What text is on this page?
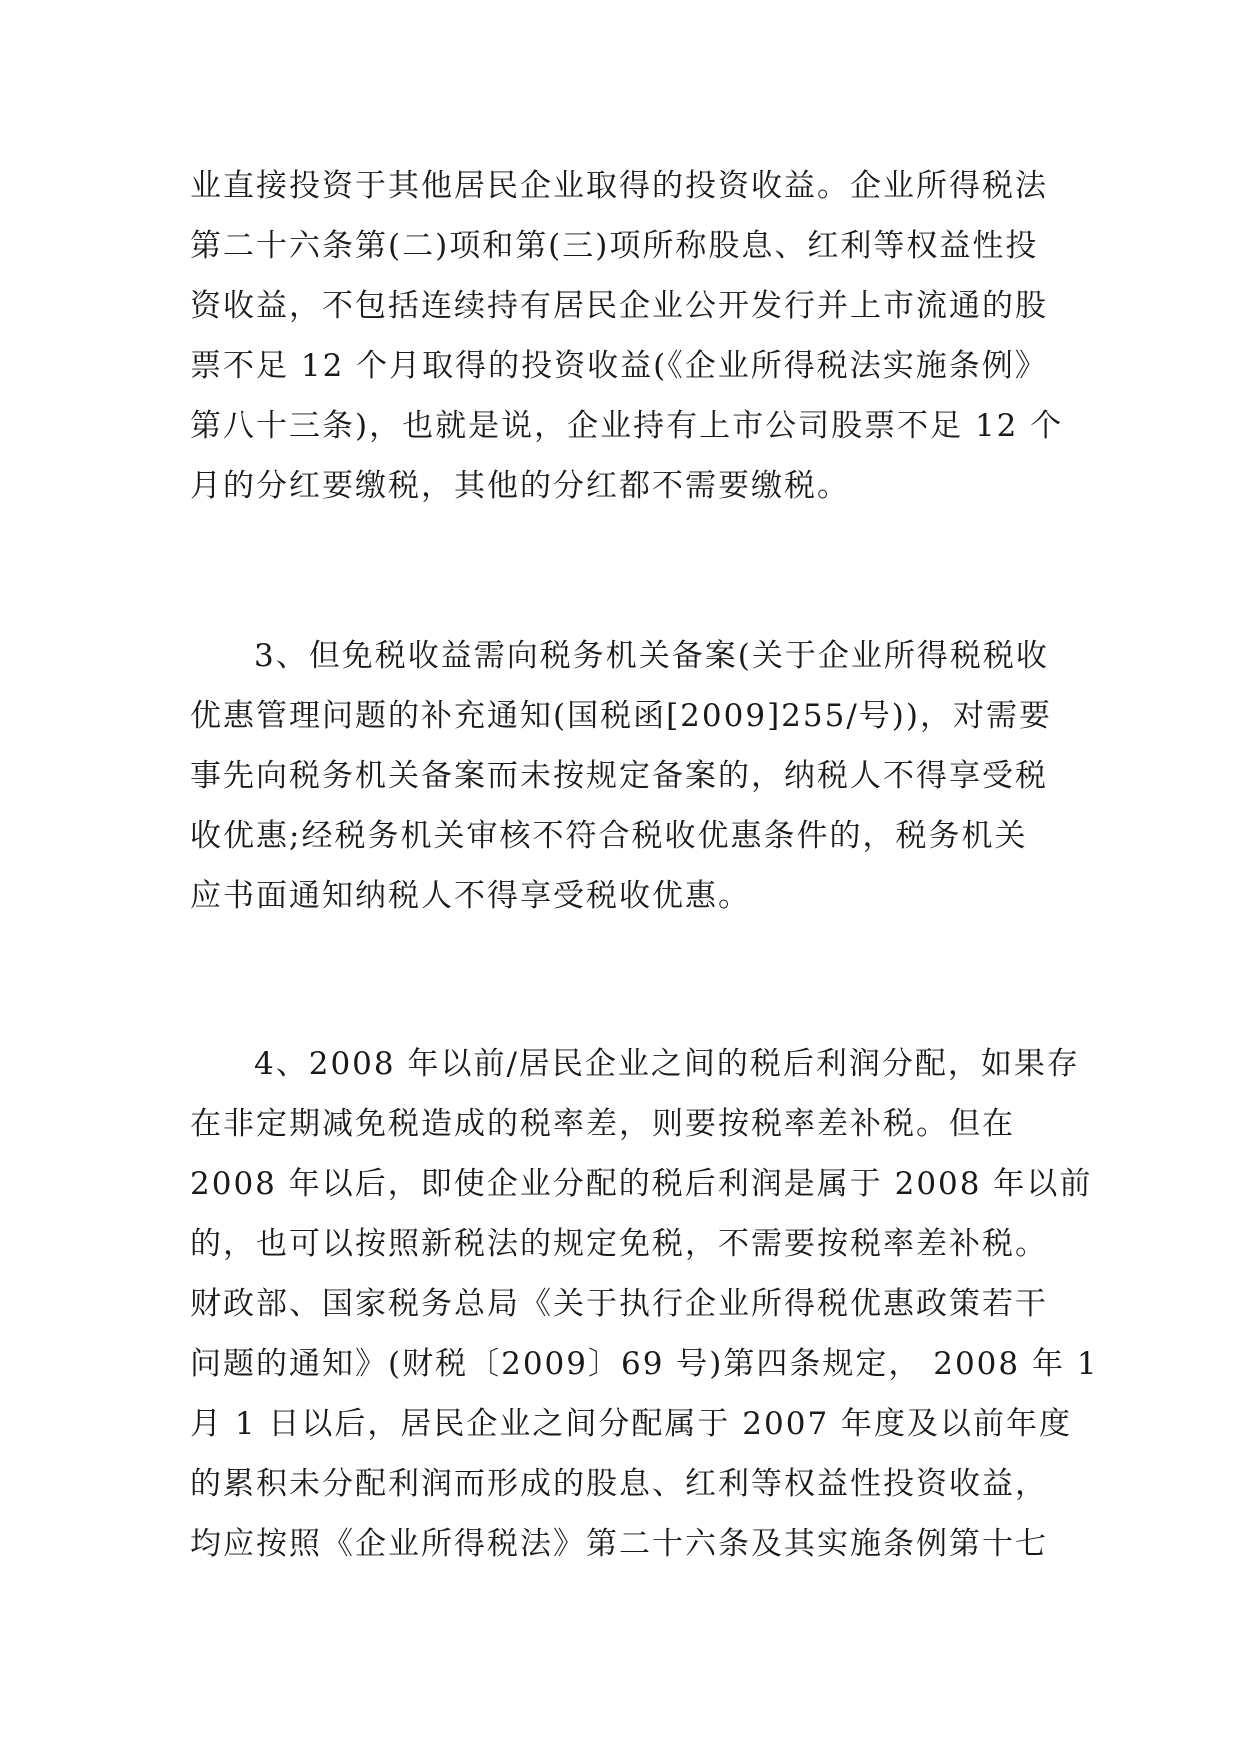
业直接投资于其他居民企业取得的投资收益。企业所得税法
第二十六条第(二)项和第(三)项所称股息、红利等权益性投
资收益，不包括连续持有居民企业公开发行并上市流通的股
票不足 12 个月取得的投资收益(《企业所得税法实施条例》
第八十三条)，也就是说，企业持有上市公司股票不足 12 个
月的分红要缴税，其他的分红都不需要缴税。
3、但免税收益需向税务机关备案(关于企业所得税税收
优惠管理问题的补充通知(国税函[2009]255/号))，对需要
事先向税务机关备案而未按规定备案的，纳税人不得享受税
收优惠;经税务机关审核不符合税收优惠条件的，税务机关
应书面通知纳税人不得享受税收优惠。
4、2008 年以前/居民企业之间的税后利润分配，如果存
在非定期减免税造成的税率差，则要按税率差补税。但在
2008 年以后，即使企业分配的税后利润是属于 2008 年以前
的，也可以按照新税法的规定免税，不需要按税率差补税。
财政部、国家税务总局《关于执行企业所得税优惠政策若干
问题的通知》(财税〔2009〕69 号)第四条规定， 2008 年 1
月 1 日以后，居民企业之间分配属于 2007 年度及以前年度
的累积未分配利润而形成的股息、红利等权益性投资收益，
均应按照《企业所得税法》第二十六条及其实施条例第十七
